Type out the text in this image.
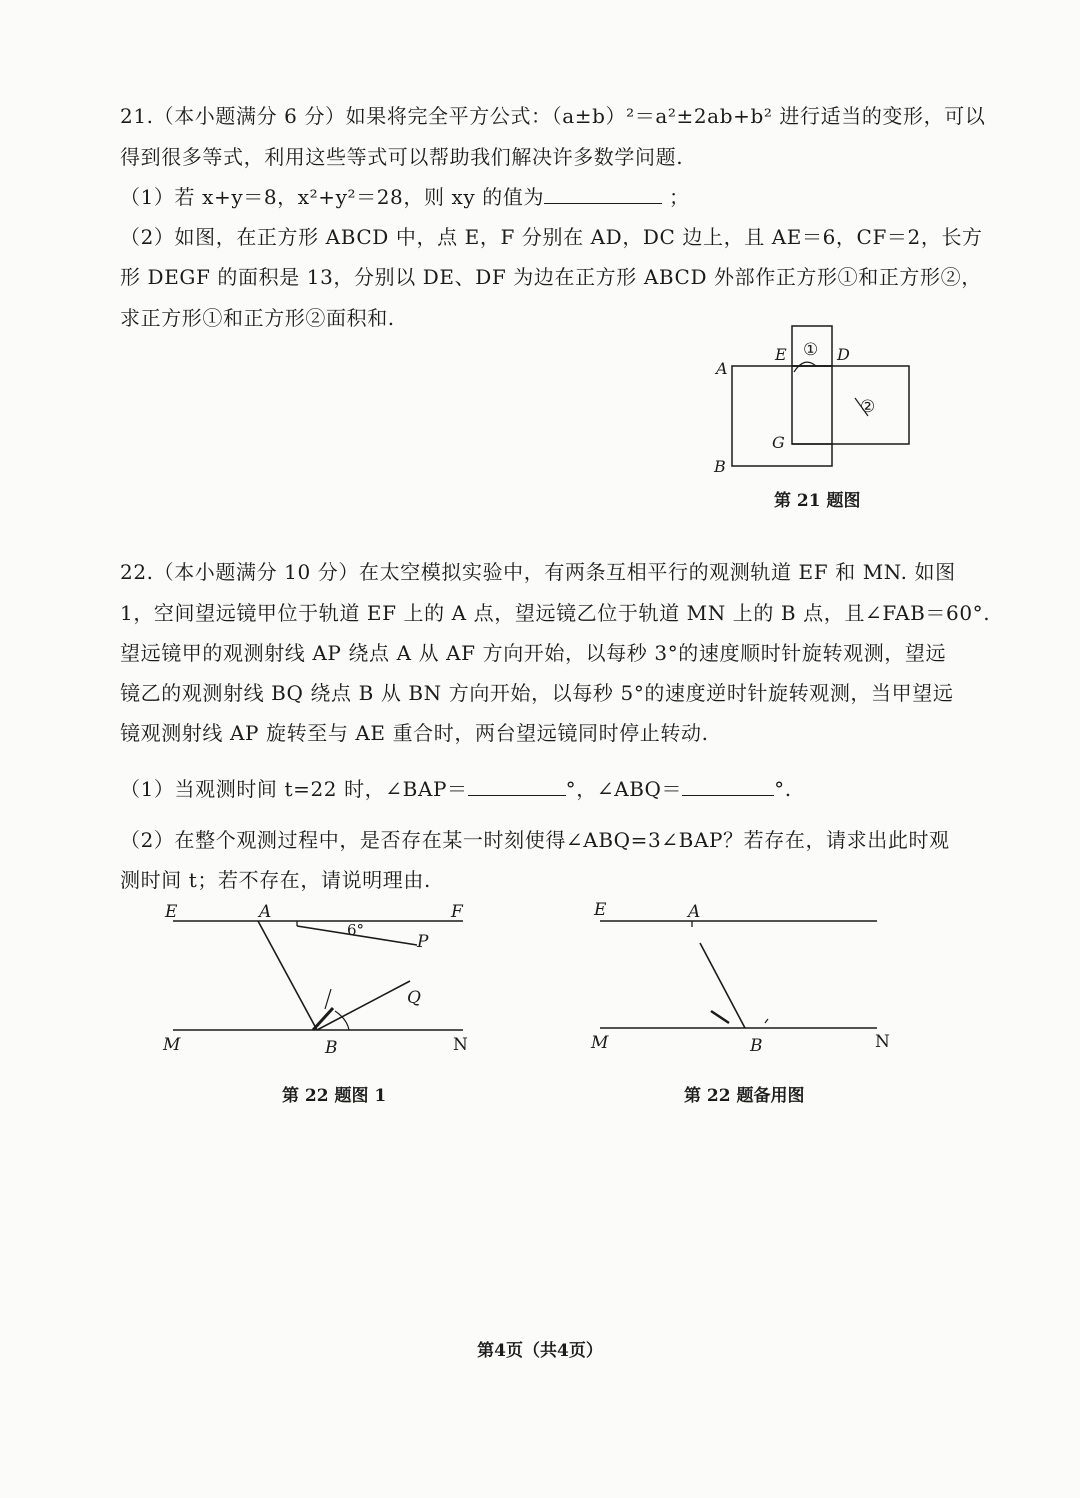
21.（本小题满分 6 分）如果将完全平方公式：（a±b）²＝a²±2ab+b² 进行适当的变形，可以
得到很多等式，利用这些等式可以帮助我们解决许多数学问题.
（1）若 x+y＝8，x²+y²＝28，则 xy 的值为	；
（2）如图，在正方形 ABCD 中，点 E，F 分别在 AD，DC 边上，且 AE＝6，CF＝2，长方
形 DEGF 的面积是 13，分别以 DE、DF 为边在正方形 ABCD 外部作正方形①和正方形②，
求正方形①和正方形②面积和.
A
B
E	D
G
①
②
第 21 题图
22.（本小题满分 10 分）在太空模拟实验中，有两条互相平行的观测轨道 EF 和 MN. 如图
1，空间望远镜甲位于轨道 EF 上的 A 点，望远镜乙位于轨道 MN 上的 B 点，且∠FAB＝60°.
望远镜甲的观测射线 AP 绕点 A 从 AF 方向开始，以每秒 3°的速度顺时针旋转观测，望远
镜乙的观测射线 BQ 绕点 B 从 BN 方向开始，以每秒 5°的速度逆时针旋转观测，当甲望远
镜观测射线 AP 旋转至与 AE 重合时，两台望远镜同时停止转动.
（1）当观测时间 t=22 时，∠BAP＝	°，∠ABQ＝	°.
（2）在整个观测过程中，是否存在某一时刻使得∠ABQ=3∠BAP？若存在，请求出此时观
测时间 t；若不存在，请说明理由.
E	A	F
P
Q
M	B	N
6°
第 22 题图 1
E	A
M	B	N
第 22 题备用图
第4页（共4页）
